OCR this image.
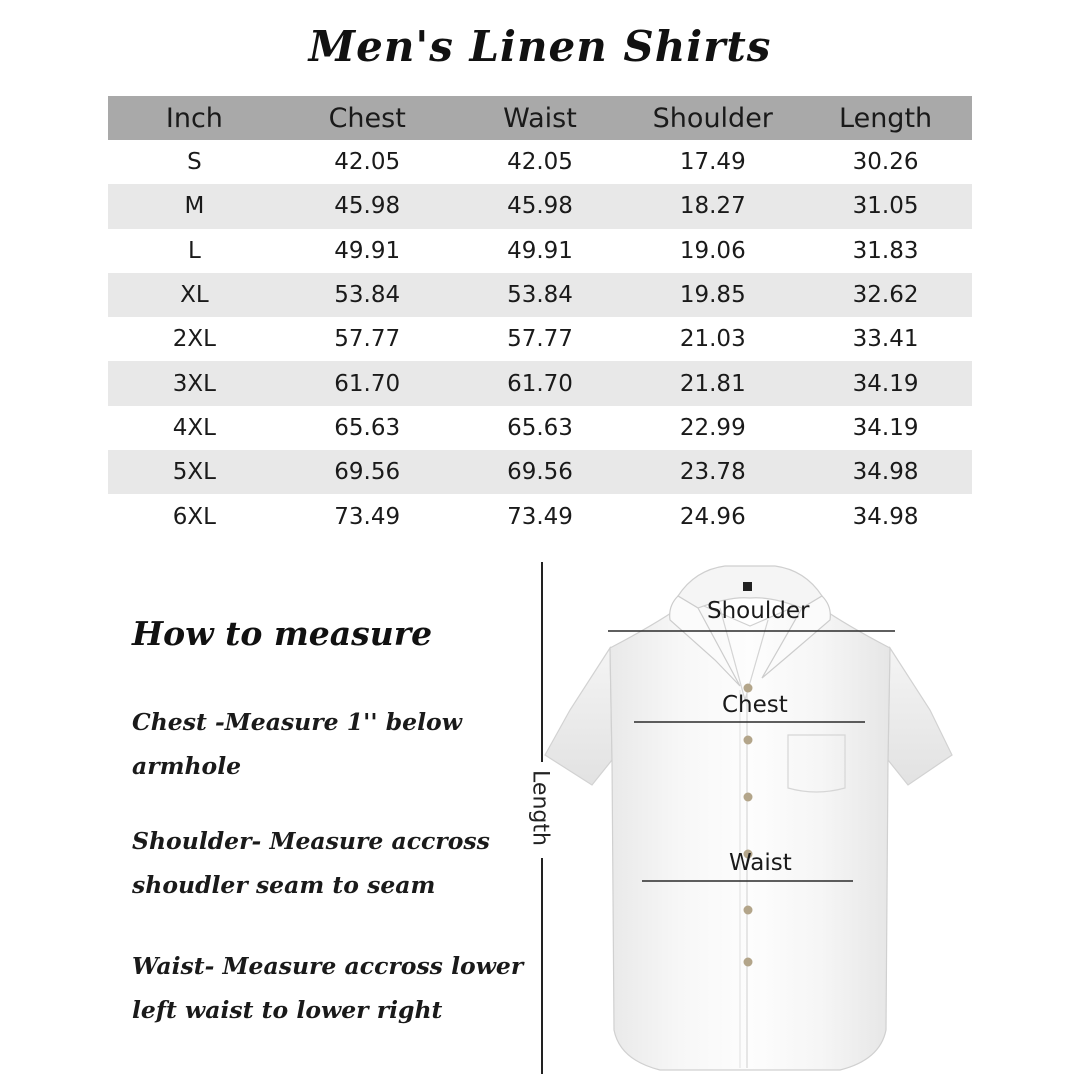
Men's Linen Shirts
Inch	Chest	Waist	Shoulder	Length
S	42.05	42.05	17.49	30.26
M	45.98	45.98	18.27	31.05
L	49.91	49.91	19.06	31.83
XL	53.84	53.84	19.85	32.62
2XL	57.77	57.77	21.03	33.41
3XL	61.70	61.70	21.81	34.19
4XL	65.63	65.63	22.99	34.19
5XL	69.56	69.56	23.78	34.98
6XL	73.49	73.49	24.96	34.98
How to measure
Chest -Measure 1'' below
armhole
Shoulder- Measure accross
shoudler seam to seam
Waist- Measure accross lower
left waist to lower right
Length
Shoulder
Chest
Waist
